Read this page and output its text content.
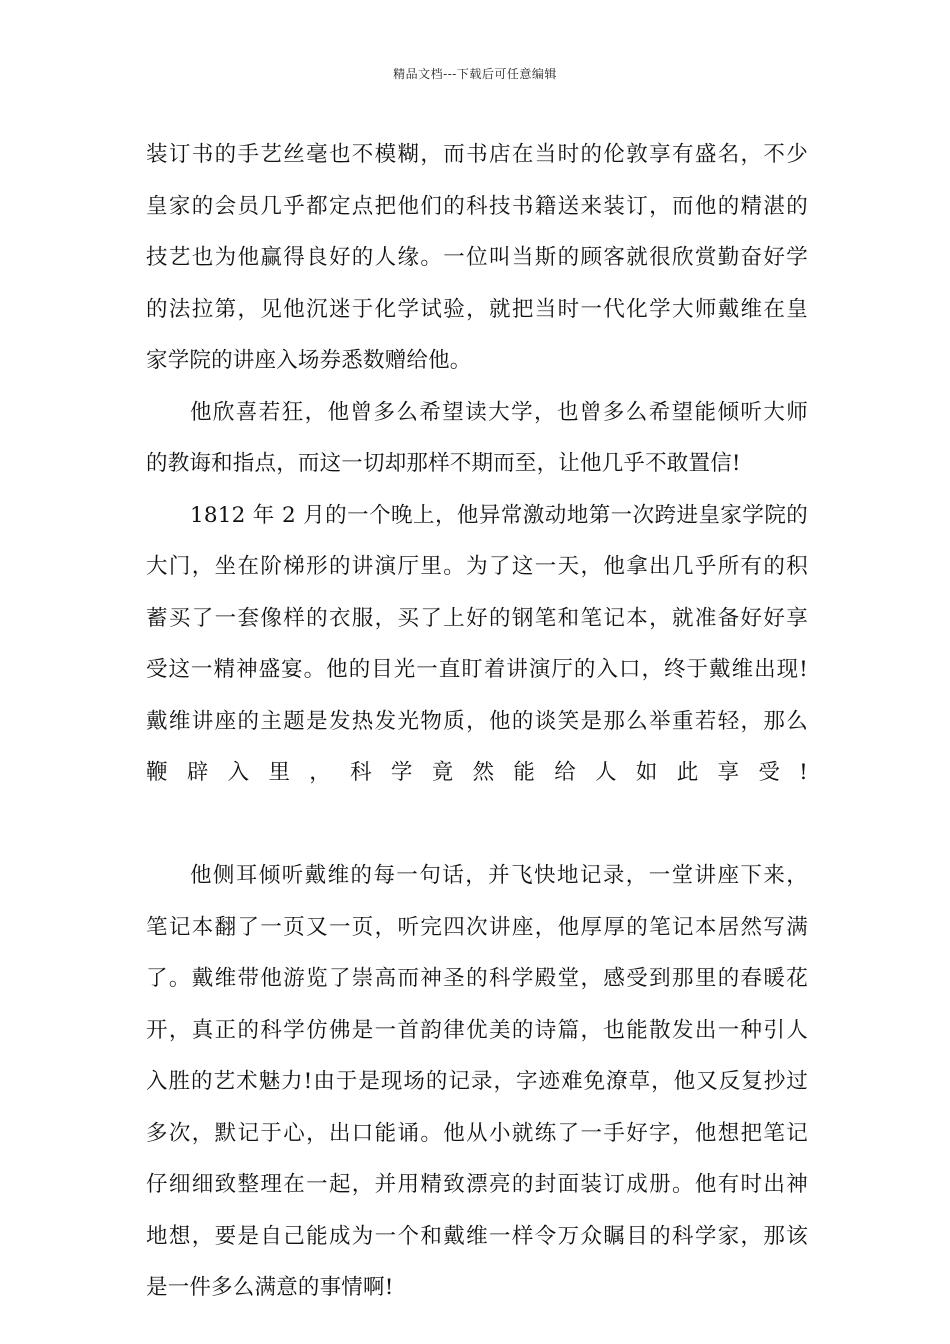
精品文档---下载后可任意编辑
装订书的手艺丝毫也不模糊，而书店在当时的伦敦享有盛名，不少
皇家的会员几乎都定点把他们的科技书籍送来装订，而他的精湛的
技艺也为他赢得良好的人缘。一位叫当斯的顾客就很欣赏勤奋好学
的法拉第，见他沉迷于化学试验，就把当时一代化学大师戴维在皇
家学院的讲座入场券悉数赠给他。
他欣喜若狂，他曾多么希望读大学，也曾多么希望能倾听大师
的教诲和指点，而这一切却那样不期而至，让他几乎不敢置信!
1812 年 2 月的一个晚上，他异常激动地第一次跨进皇家学院的
大门，坐在阶梯形的讲演厅里。为了这一天，他拿出几乎所有的积
蓄买了一套像样的衣服，买了上好的钢笔和笔记本，就准备好好享
受这一精神盛宴。他的目光一直盯着讲演厅的入口，终于戴维出现!
戴维讲座的主题是发热发光物质，他的谈笑是那么举重若轻，那么
鞭辟入里，科学竟然能给人如此享受!
他侧耳倾听戴维的每一句话，并飞快地记录，一堂讲座下来，
笔记本翻了一页又一页，听完四次讲座，他厚厚的笔记本居然写满
了。戴维带他游览了崇高而神圣的科学殿堂，感受到那里的春暖花
开，真正的科学仿佛是一首韵律优美的诗篇，也能散发出一种引人
入胜的艺术魅力!由于是现场的记录，字迹难免潦草，他又反复抄过
多次，默记于心，出口能诵。他从小就练了一手好字，他想把笔记
仔细细致整理在一起，并用精致漂亮的封面装订成册。他有时出神
地想，要是自己能成为一个和戴维一样令万众瞩目的科学家，那该
是一件多么满意的事情啊!
